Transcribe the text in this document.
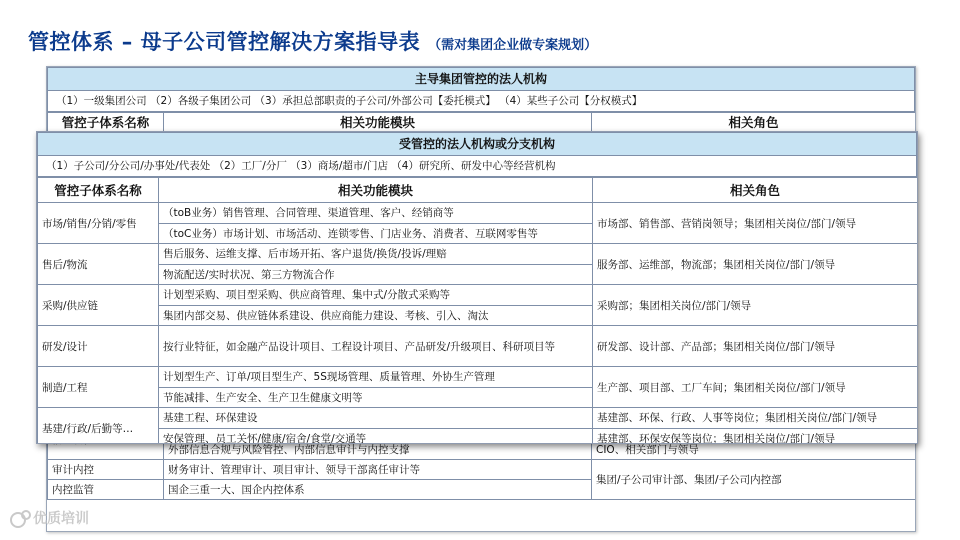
管控体系 – 母子公司管控解决方案指导表 （需对集团企业做专案规划）
主导集团管控的法人机构
（1）一级集团公司 （2）各级子集团公司 （3）承担总部职责的子公司/外部公司【委托模式】 （4）某些子公司【分权模式】
管控子体系名称	相关功能模块	相关角色

	外部信息合规与风险管控、内部信息审计与内控支撑	CIO、相关部门与领导
审计内控	财务审计、管理审计、项目审计、领导干部离任审计等	集团/子公司审计部、集团/子公司内控部
内控监管	国企三重一大、国企内控体系	
受管控的法人机构或分支机构
（1）子公司/分公司/办事处/代表处 （2）工厂/分厂 （3）商场/超市/门店 （4）研究所、研发中心等经营机构
管控子体系名称	相关功能模块	相关角色
市场/销售/分销/零售	（toB业务）销售管理、合同管理、渠道管理、客户、经销商等	市场部、销售部、营销岗领导；集团相关岗位/部门/领导
	（toC业务）市场计划、市场活动、连锁零售、门店业务、消费者、互联网零售等	
售后/物流	售后服务、运维支撑、后市场开拓、客户退货/换货/投诉/理赔	服务部、运维部，物流部；集团相关岗位/部门/领导
	物流配送/实时状况、第三方物流合作	
采购/供应链	计划型采购、项目型采购、供应商管理、集中式/分散式采购等	采购部；集团相关岗位/部门/领导
	集团内部交易、供应链体系建设、供应商能力建设、考核、引入、淘汰	
研发/设计	按行业特征，如金融产品设计项目、工程设计项目、产品研发/升级项目、科研项目等	研发部、设计部、产品部；集团相关岗位/部门/领导
制造/工程	计划型生产、订单/项目型生产、5S现场管理、质量管理、外协生产管理	生产部、项目部、工厂车间；集团相关岗位/部门/领导
	节能减排、生产安全、生产卫生健康文明等	
基建/行政/后勤等…	基建工程、环保建设	基建部、环保、行政、人事等岗位；集团相关岗位/部门/领导
	安保管理、员工关怀/健康/宿舍/食堂/交通等	基建部、环保安保等岗位；集团相关岗位/部门/领导
优质培训
